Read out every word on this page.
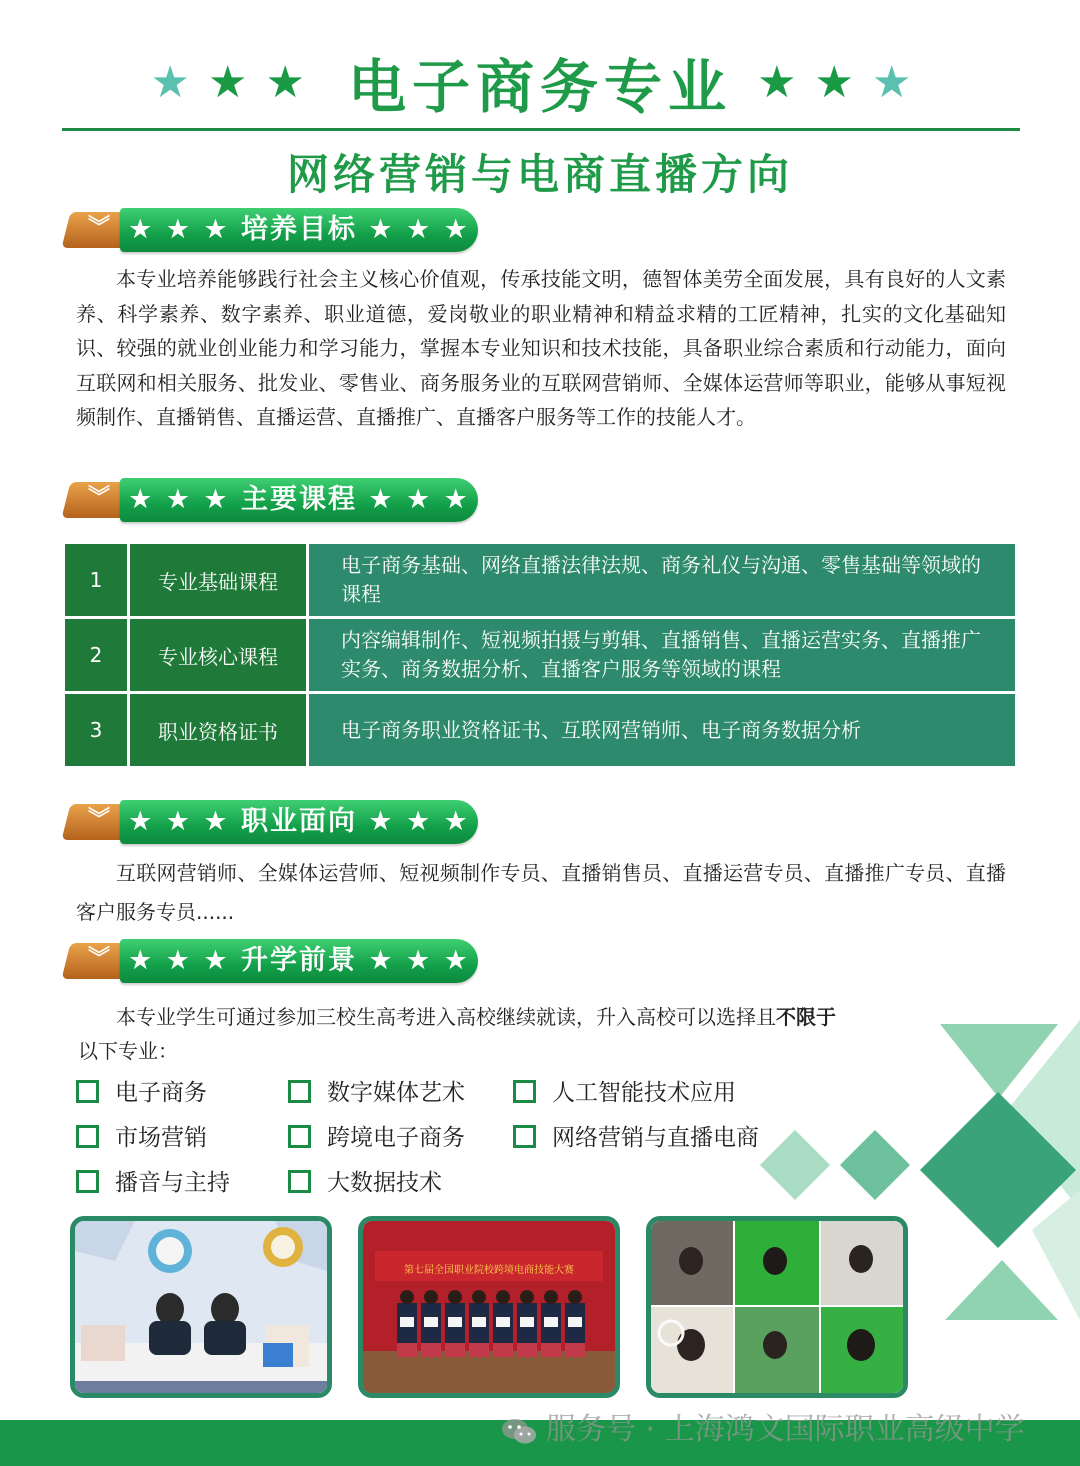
★★★ 电子商务专业 ★★★
网络营销与电商直播方向
︾ ★ ★ ★ 培养目标 ★ ★ ★
本专业培养能够践行社会主义核心价值观，传承技能文明，德智体美劳全面发展，具有良好的人文素养、科学素养、数字素养、职业道德，爱岗敬业的职业精神和精益求精的工匠精神，扎实的文化基础知识、较强的就业创业能力和学习能力，掌握本专业知识和技术技能，具备职业综合素质和行动能力，面向互联网和相关服务、批发业、零售业、商务服务业的互联网营销师、全媒体运营师等职业，能够从事短视频制作、直播销售、直播运营、直播推广、直播客户服务等工作的技能人才。
︾ ★ ★ ★ 主要课程 ★ ★ ★
1	专业基础课程	电子商务基础、网络直播法律法规、商务礼仪与沟通、零售基础等领域的课程
2	专业核心课程	内容编辑制作、短视频拍摄与剪辑、直播销售、直播运营实务、直播推广实务、商务数据分析、直播客户服务等领域的课程
3	职业资格证书	电子商务职业资格证书、互联网营销师、电子商务数据分析
︾ ★ ★ ★ 职业面向 ★ ★ ★
互联网营销师、全媒体运营师、短视频制作专员、直播销售员、直播运营专员、直播推广专员、直播客户服务专员......
︾ ★ ★ ★ 升学前景 ★ ★ ★
本专业学生可通过参加三校生高考进入高校继续就读，升入高校可以选择且不限于
以下专业：
电子商务	数字媒体艺术	人工智能技术应用
市场营销	跨境电子商务	网络营销与直播电商
播音与主持	大数据技术
第七届全国职业院校跨境电商技能大赛
服务号 · 上海鸿文国际职业高级中学
